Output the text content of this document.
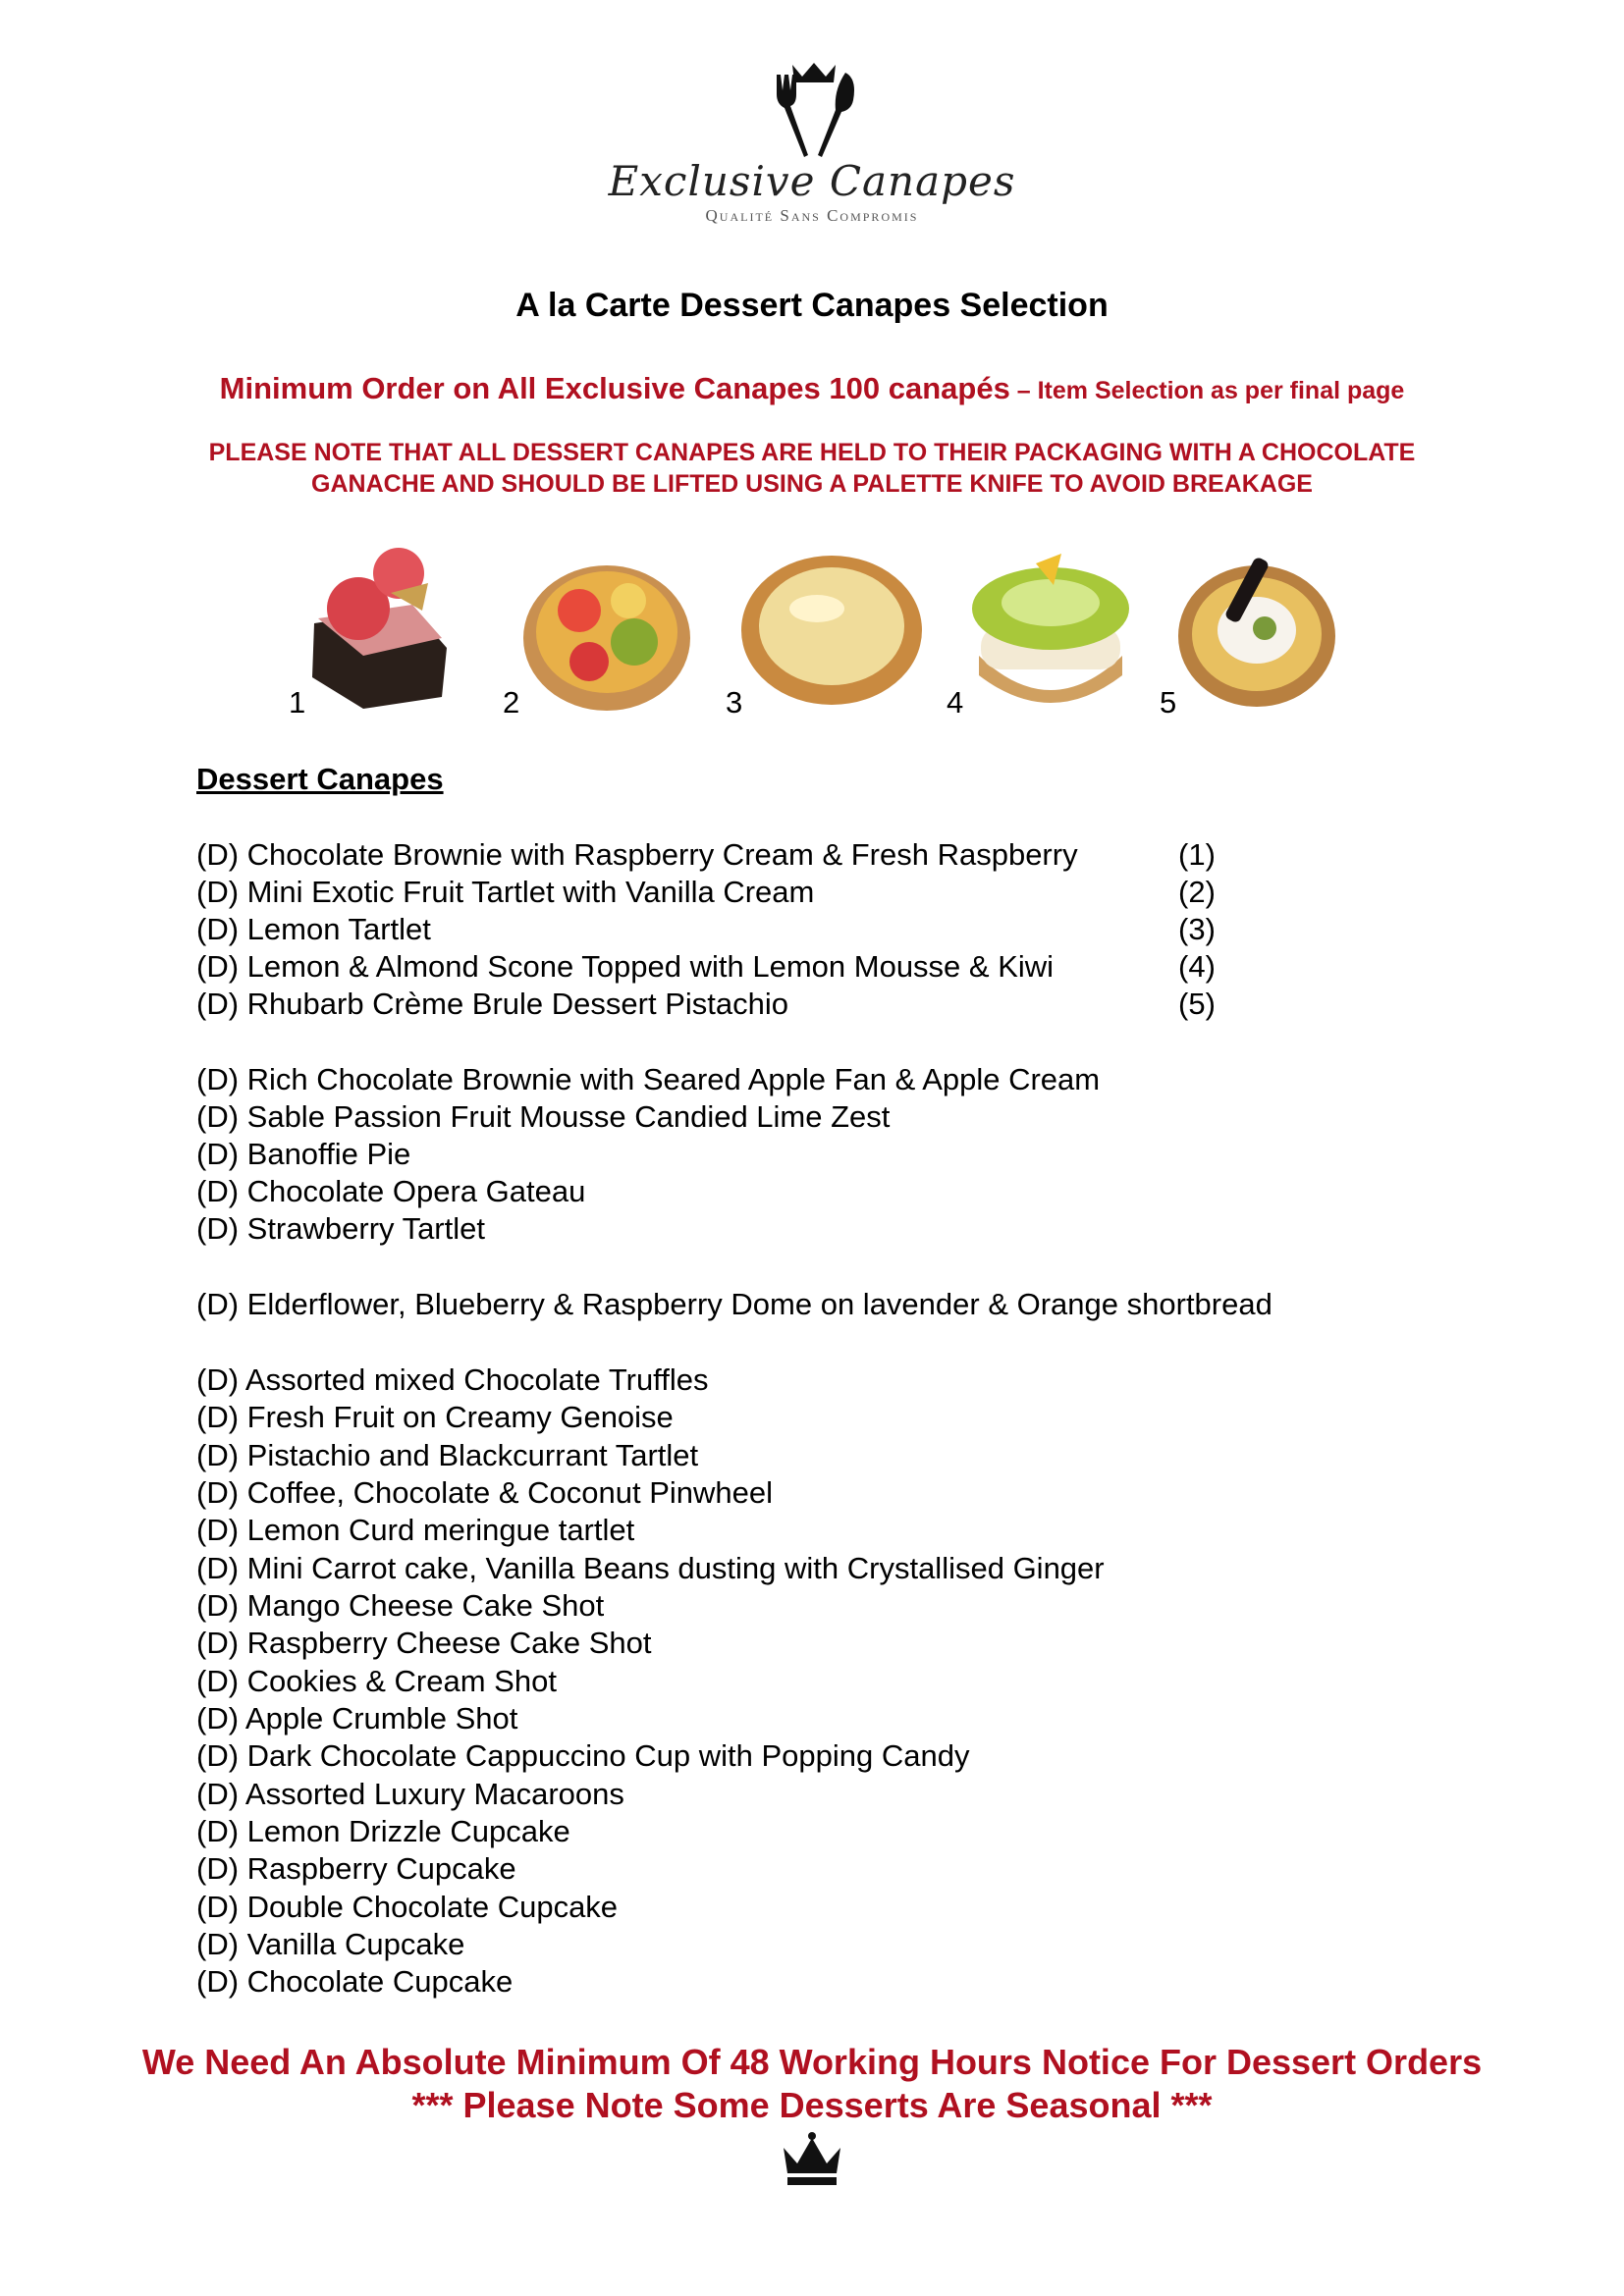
Exclusive Canapes
Qualité Sans Compromis
A la Carte Dessert Canapes Selection
Minimum Order on All Exclusive Canapes 100 canapés – Item Selection as per final page
PLEASE NOTE THAT ALL DESSERT CANAPES ARE HELD TO THEIR PACKAGING WITH A CHOCOLATE
GANACHE AND SHOULD BE LIFTED USING A PALETTE KNIFE TO AVOID BREAKAGE
1	2	3	4	5
Dessert Canapes
(D) Chocolate Brownie with Raspberry Cream & Fresh Raspberry	(1)
(D) Mini Exotic Fruit Tartlet with Vanilla Cream	(2)
(D) Lemon Tartlet	(3)
(D) Lemon & Almond Scone Topped with Lemon Mousse & Kiwi	(4)
(D) Rhubarb Crème Brule Dessert Pistachio	(5)
(D) Rich Chocolate Brownie with Seared Apple Fan & Apple Cream
(D) Sable Passion Fruit Mousse Candied Lime Zest
(D) Banoffie Pie
(D) Chocolate Opera Gateau
(D) Strawberry Tartlet
(D) Elderflower, Blueberry & Raspberry Dome on lavender & Orange shortbread
(D) Assorted mixed Chocolate Truffles
(D) Fresh Fruit on Creamy Genoise
(D) Pistachio and Blackcurrant Tartlet
(D) Coffee, Chocolate & Coconut Pinwheel
(D) Lemon Curd meringue tartlet
(D) Mini Carrot cake, Vanilla Beans dusting with Crystallised Ginger
(D) Mango Cheese Cake Shot
(D) Raspberry Cheese Cake Shot
(D) Cookies & Cream Shot
(D) Apple Crumble Shot
(D) Dark Chocolate Cappuccino Cup with Popping Candy
(D) Assorted Luxury Macaroons
(D) Lemon Drizzle Cupcake
(D) Raspberry Cupcake
(D) Double Chocolate Cupcake
(D) Vanilla Cupcake
(D) Chocolate Cupcake
We Need An Absolute Minimum Of 48 Working Hours Notice For Dessert Orders
*** Please Note Some Desserts Are Seasonal ***
